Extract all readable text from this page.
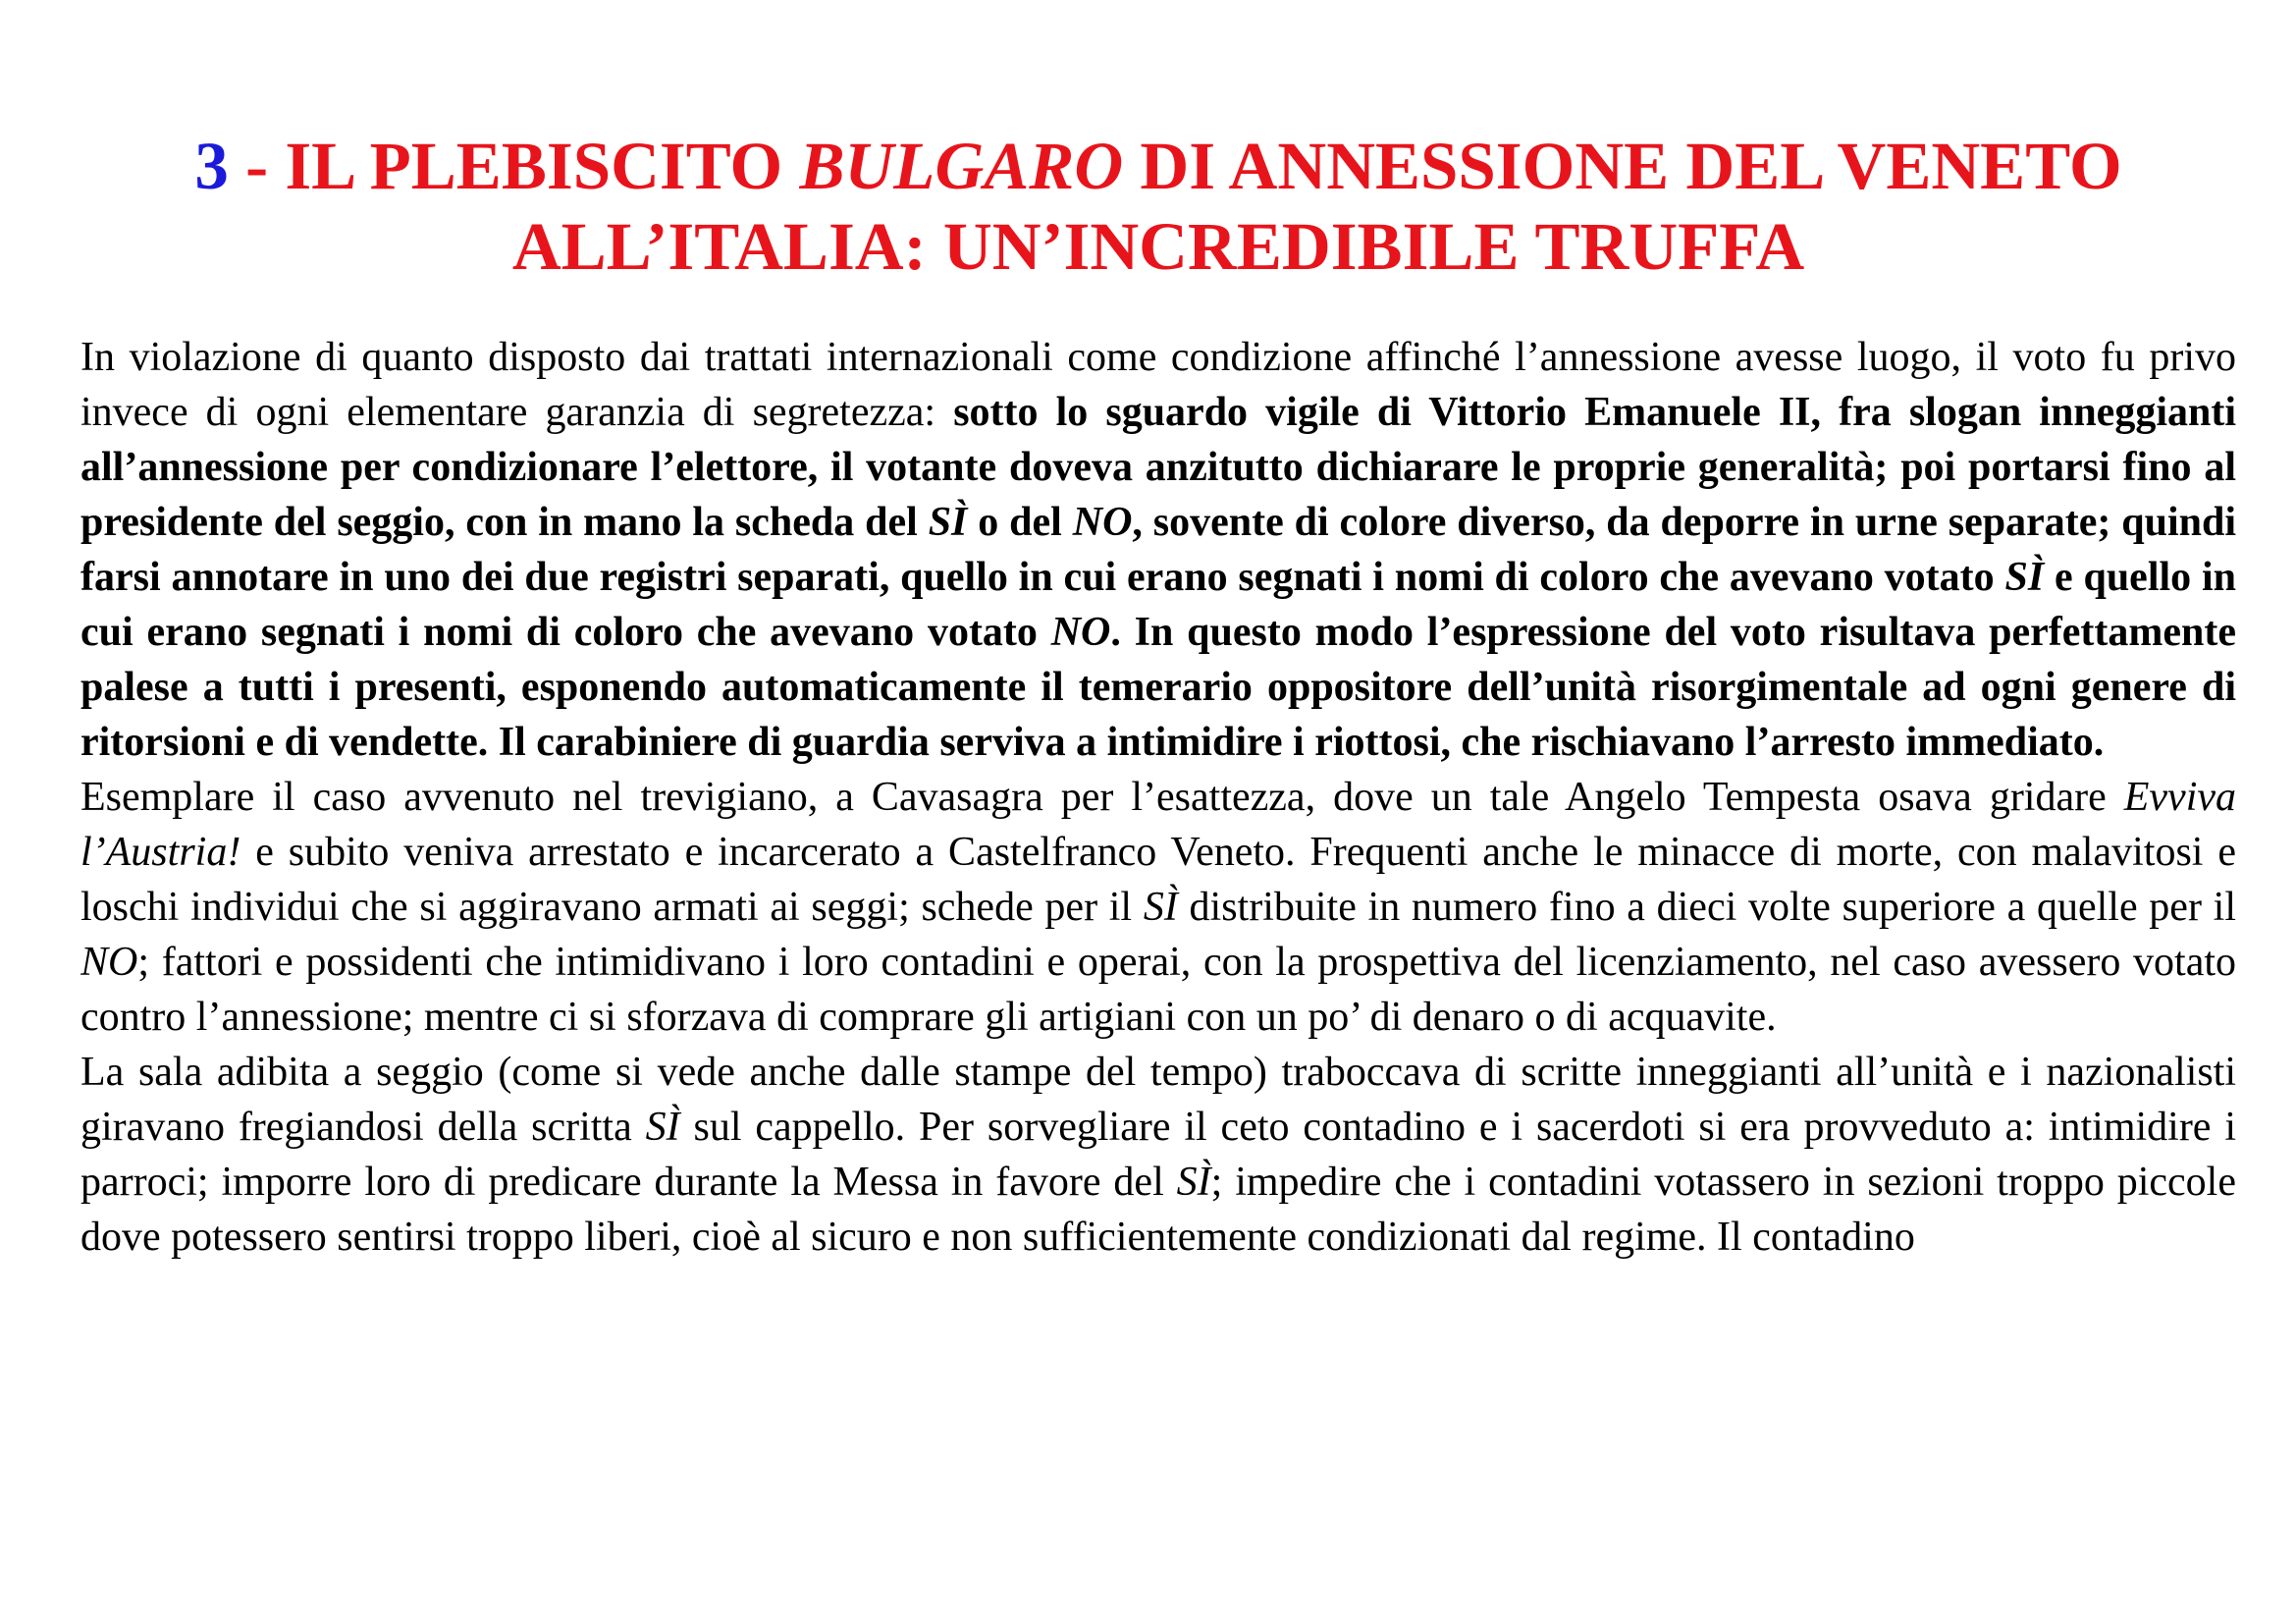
3 - IL PLEBISCITO BULGARO DI ANNESSIONE DEL VENETO
ALL’ITALIA: UN’INCREDIBILE TRUFFA

In violazione di quanto disposto dai trattati internazionali come condizione affinché l’annessione avesse luogo, il voto fu privo invece di ogni elementare garanzia di segretezza: sotto lo sguardo vigile di Vittorio Emanuele II, fra slogan inneggianti all’annessione per condizionare l’elettore, il votante doveva anzitutto dichiarare le proprie generalità; poi portarsi fino al presidente del seggio, con in mano la scheda del SÌ o del NO, sovente di colore diverso, da deporre in urne separate; quindi farsi annotare in uno dei due registri separati, quello in cui erano segnati i nomi di coloro che avevano votato SÌ e quello in cui erano segnati i nomi di coloro che avevano votato NO. In questo modo l’espressione del voto risultava perfettamente palese a tutti i presenti, esponendo automaticamente il temerario oppositore dell’unità risorgimentale ad ogni genere di ritorsioni e di vendette. Il carabiniere di guardia serviva a intimidire i riottosi, che rischiavano l’arresto immediato.

Esemplare il caso avvenuto nel trevigiano, a Cavasagra per l’esattezza, dove un tale Angelo Tempesta osava gridare Evviva l’Austria! e subito veniva arrestato e incarcerato a Castelfranco Veneto. Frequenti anche le minacce di morte, con malavitosi e loschi individui che si aggiravano armati ai seggi; schede per il SÌ distribuite in numero fino a dieci volte superiore a quelle per il NO; fattori e possidenti che intimidivano i loro contadini e operai, con la prospettiva del licenziamento, nel caso avessero votato contro l’annessione; mentre ci si sforzava di comprare gli artigiani con un po’ di denaro o di acquavite.

La sala adibita a seggio (come si vede anche dalle stampe del tempo) traboccava di scritte inneggianti all’unità e i nazionalisti giravano fregiandosi della scritta SÌ sul cappello. Per sorvegliare il ceto contadino e i sacerdoti si era provveduto a: intimidire i parroci; imporre loro di predicare durante la Messa in favore del SÌ; impedire che i contadini votassero in sezioni troppo piccole dove potessero sentirsi troppo liberi, cioè al sicuro e non sufficientemente condizionati dal regime. Il contadino
